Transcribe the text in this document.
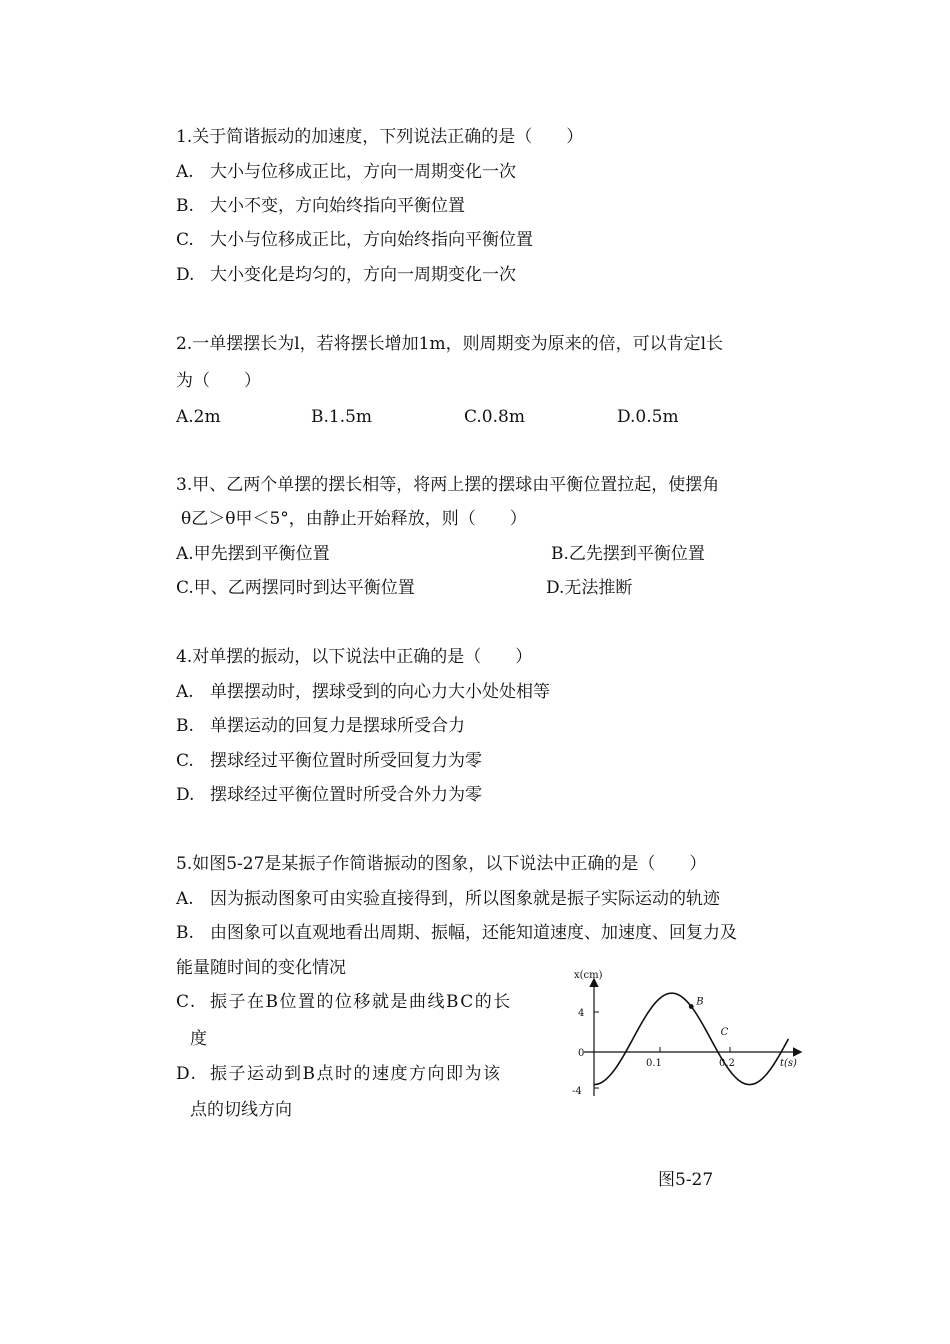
1.关于简谐振动的加速度，下列说法正确的是（　　）
A. 大小与位移成正比，方向一周期变化一次
B. 大小不变，方向始终指向平衡位置
C. 大小与位移成正比，方向始终指向平衡位置
D. 大小变化是均匀的，方向一周期变化一次
2.一单摆摆长为l，若将摆长增加1m，则周期变为原来的倍，可以肯定l长
为（　　）
A.2m	B.1.5m	C.0.8m	D.0.5m
3.甲、乙两个单摆的摆长相等，将两上摆的摆球由平衡位置拉起，使摆角
θ乙＞θ甲＜5°，由静止开始释放，则（　　）
A.甲先摆到平衡位置	B.乙先摆到平衡位置
C.甲、乙两摆同时到达平衡位置	D.无法推断
4.对单摆的振动，以下说法中正确的是（　　）
A. 单摆摆动时，摆球受到的向心力大小处处相等
B. 单摆运动的回复力是摆球所受合力
C. 摆球经过平衡位置时所受回复力为零
D. 摆球经过平衡位置时所受合外力为零
5.如图5-27是某振子作简谐振动的图象，以下说法中正确的是（　　）
A. 因为振动图象可由实验直接得到，所以图象就是振子实际运动的轨迹
B. 由图象可以直观地看出周期、振幅，还能知道速度、加速度、回复力及
能量随时间的变化情况
C. 振子在B位置的位移就是曲线BC的长
度
D. 振子运动到B点时的速度方向即为该
点的切线方向
x(cm)
t(s)
4
0
-4
0.1	0.2
B
C
图5-27
